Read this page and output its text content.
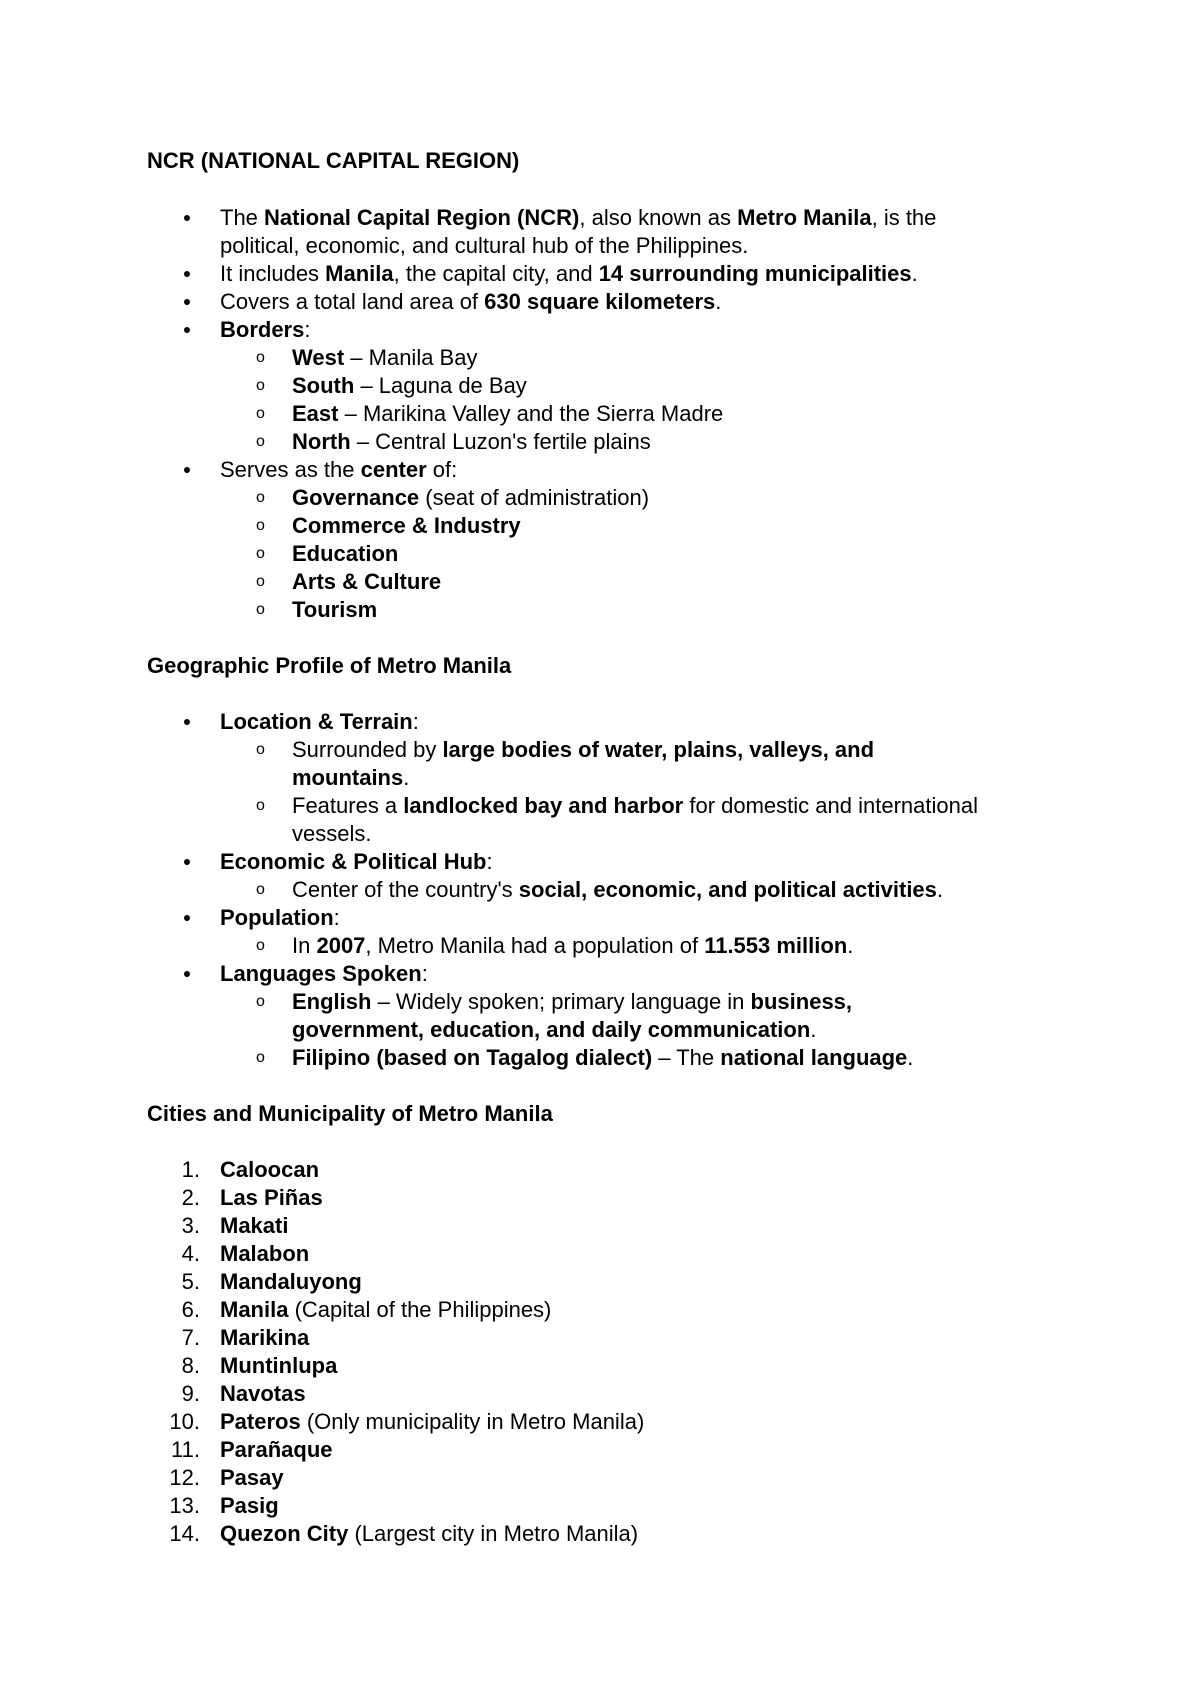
NCR (NATIONAL CAPITAL REGION)
The National Capital Region (NCR), also known as Metro Manila, is the
political, economic, and cultural hub of the Philippines.
It includes Manila, the capital city, and 14 surrounding municipalities.
Covers a total land area of 630 square kilometers.
Borders:
o West – Manila Bay
o South – Laguna de Bay
o East – Marikina Valley and the Sierra Madre
o North – Central Luzon's fertile plains
Serves as the center of:
o Governance (seat of administration)
o Commerce & Industry
o Education
o Arts & Culture
o Tourism
Geographic Profile of Metro Manila
Location & Terrain:
o Surrounded by large bodies of water, plains, valleys, and
mountains.
o Features a landlocked bay and harbor for domestic and international
vessels.
Economic & Political Hub:
o Center of the country's social, economic, and political activities.
Population:
o In 2007, Metro Manila had a population of 11.553 million.
Languages Spoken:
o English – Widely spoken; primary language in business,
government, education, and daily communication.
o Filipino (based on Tagalog dialect) – The national language.
Cities and Municipality of Metro Manila
1. Caloocan
2. Las Piñas
3. Makati
4. Malabon
5. Mandaluyong
6. Manila (Capital of the Philippines)
7. Marikina
8. Muntinlupa
9. Navotas
10. Pateros (Only municipality in Metro Manila)
11. Parañaque
12. Pasay
13. Pasig
14. Quezon City (Largest city in Metro Manila)
